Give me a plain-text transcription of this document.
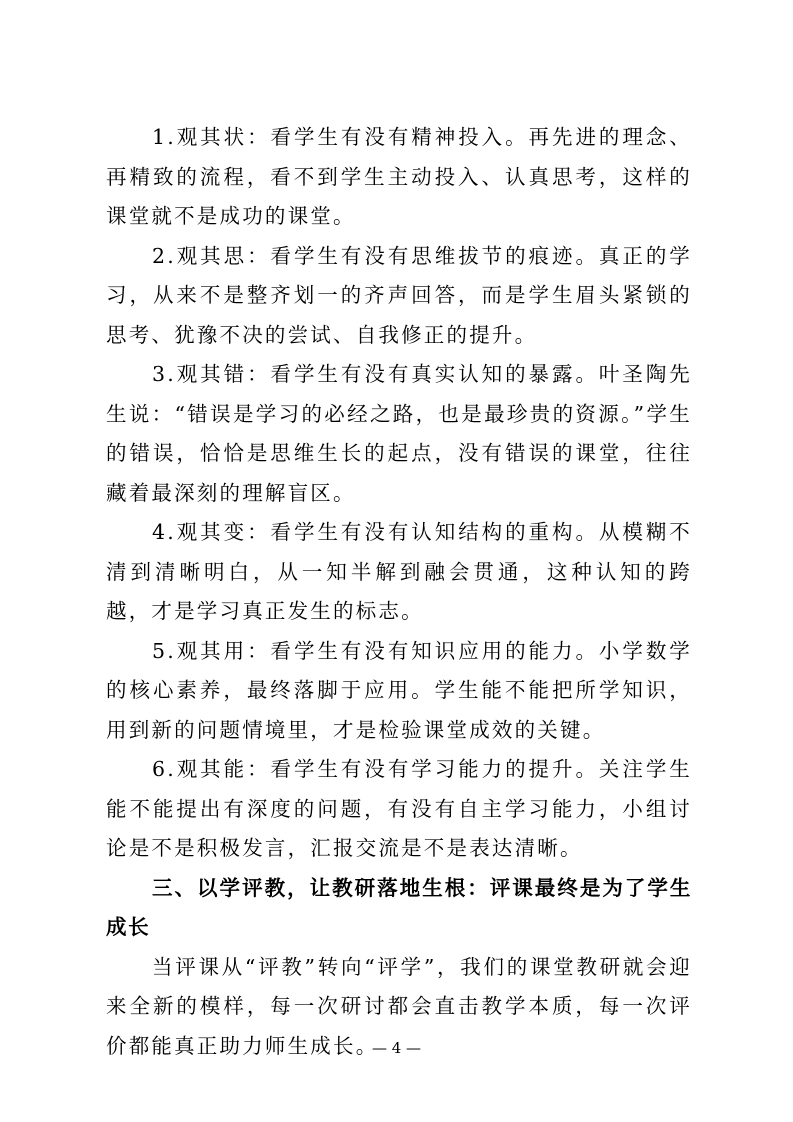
1.观其状：看学生有没有精神投入。再先进的理念、再精致的流程，看不到学生主动投入、认真思考，这样的课堂就不是成功的课堂。

2.观其思：看学生有没有思维拔节的痕迹。真正的学习，从来不是整齐划一的齐声回答，而是学生眉头紧锁的思考、犹豫不决的尝试、自我修正的提升。

3.观其错：看学生有没有真实认知的暴露。叶圣陶先生说：“错误是学习的必经之路，也是最珍贵的资源。”学生的错误，恰恰是思维生长的起点，没有错误的课堂，往往藏着最深刻的理解盲区。

4.观其变：看学生有没有认知结构的重构。从模糊不清到清晰明白，从一知半解到融会贯通，这种认知的跨越，才是学习真正发生的标志。

5.观其用：看学生有没有知识应用的能力。小学数学的核心素养，最终落脚于应用。学生能不能把所学知识，用到新的问题情境里，才是检验课堂成效的关键。

6.观其能：看学生有没有学习能力的提升。关注学生能不能提出有深度的问题，有没有自主学习能力，小组讨论是不是积极发言，汇报交流是不是表达清晰。

三、以学评教，让教研落地生根：评课最终是为了学生成长

当评课从“评教”转向“评学”，我们的课堂教研就会迎来全新的模样，每一次研讨都会直击教学本质，每一次评价都能真正助力师生成长。

— 4 —
